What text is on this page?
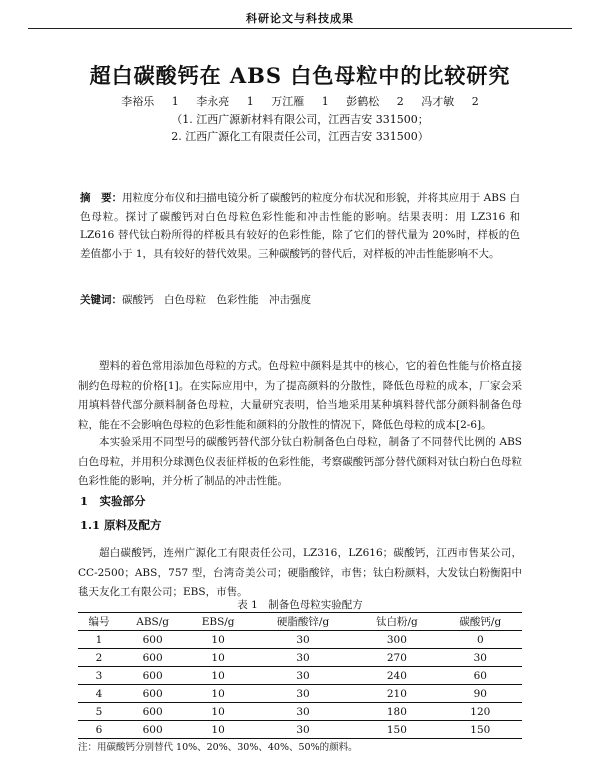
科研论文与科技成果
超白碳酸钙在 ABS 白色母粒中的比较研究
李裕乐 1 李永亮 1 万江雁 1 彭鹤松 2 冯才敏 2
（1. 江西广源新材料有限公司，江西吉安 331500；
2. 江西广源化工有限责任公司，江西吉安 331500）
摘　要：用粒度分布仪和扫描电镜分析了碳酸钙的粒度分布状况和形貌，并将其应用于 ABS 白色母粒。探讨了碳酸钙对白色母粒色彩性能和冲击性能的影响。结果表明：用 LZ316 和 LZ616 替代钛白粉所得的样板具有较好的色彩性能，除了它们的替代量为 20%时，样板的色差值都小于 1，具有较好的替代效果。三种碳酸钙的替代后，对样板的冲击性能影响不大。
关键词：碳酸钙　白色母粒　色彩性能　冲击强度
塑料的着色常用添加色母粒的方式。色母粒中颜料是其中的核心，它的着色性能与价格直接制约色母粒的价格[1]。在实际应用中，为了提高颜料的分散性，降低色母粒的成本，厂家会采用填料替代部分颜料制备色母粒，大量研究表明，恰当地采用某种填料替代部分颜料制备色母粒，能在不会影响色母粒的色彩性能和颜料的分散性的情况下，降低色母粒的成本[2-6]。
本实验采用不同型号的碳酸钙替代部分钛白粉制备色白母粒，制备了不同替代比例的 ABS 白色母粒，并用积分球测色仪表征样板的色彩性能，考察碳酸钙部分替代颜料对钛白粉白色母粒色彩性能的影响，并分析了制品的冲击性能。
1　实验部分
1.1 原料及配方
超白碳酸钙，连州广源化工有限责任公司，LZ316，LZ616；碳酸钙，江西市售某公司，CC-2500；ABS，757 型，台湾奇美公司；硬脂酸锌，市售；钛白粉颜料，大发钛白粉衡阳中毯天友化工有限公司；EBS，市售。
表 1　制备色母粒实验配方
编号	ABS/g	EBS/g	硬脂酸锌/g	钛白粉/g	碳酸钙/g
1	600	10	30	300	0
2	600	10	30	270	30
3	600	10	30	240	60
4	600	10	30	210	90
5	600	10	30	180	120
6	600	10	30	150	150
注：用碳酸钙分别替代 10%、20%、30%、40%、50%的颜料。
